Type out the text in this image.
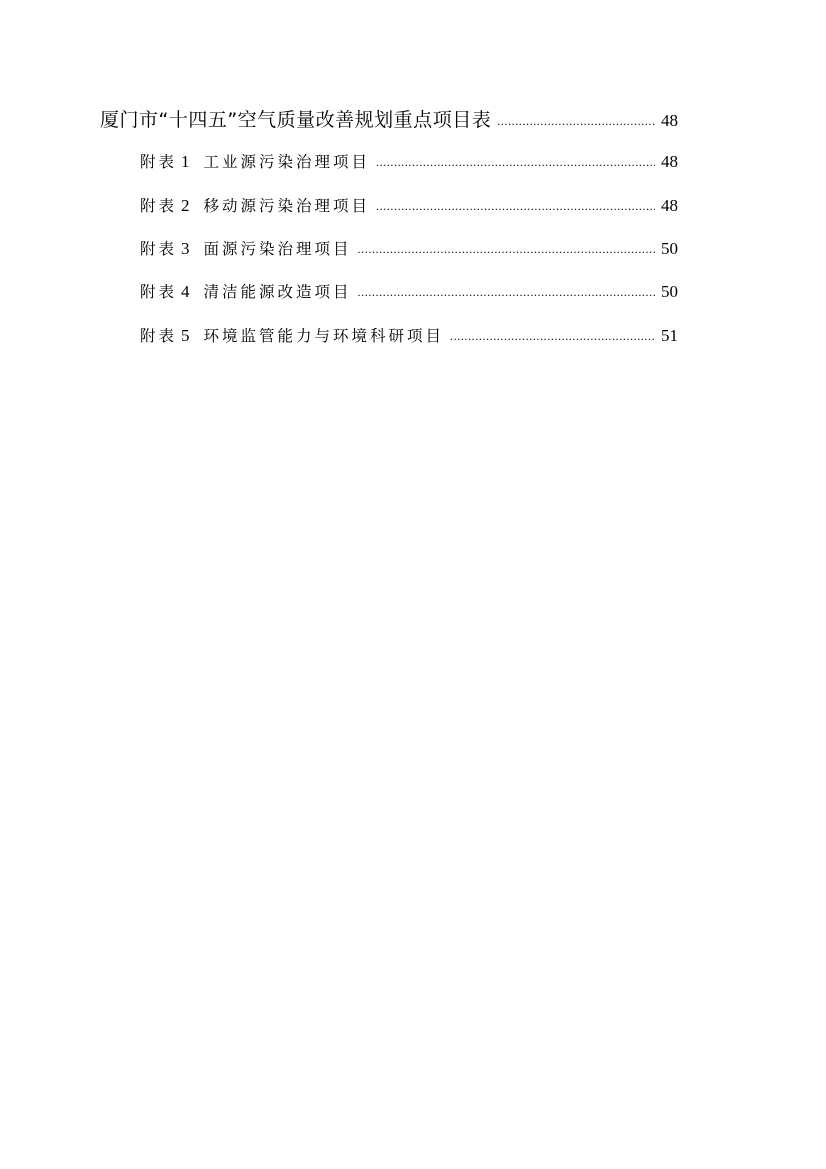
厦门市“十四五”空气质量改善规划重点项目表 .....	48
附表 1 工业源污染治理项目 .....	48
附表 2 移动源污染治理项目 .....	48
附表 3 面源污染治理项目 .....	50
附表 4 清洁能源改造项目 .....	50
附表 5 环境监管能力与环境科研项目 .....	51
